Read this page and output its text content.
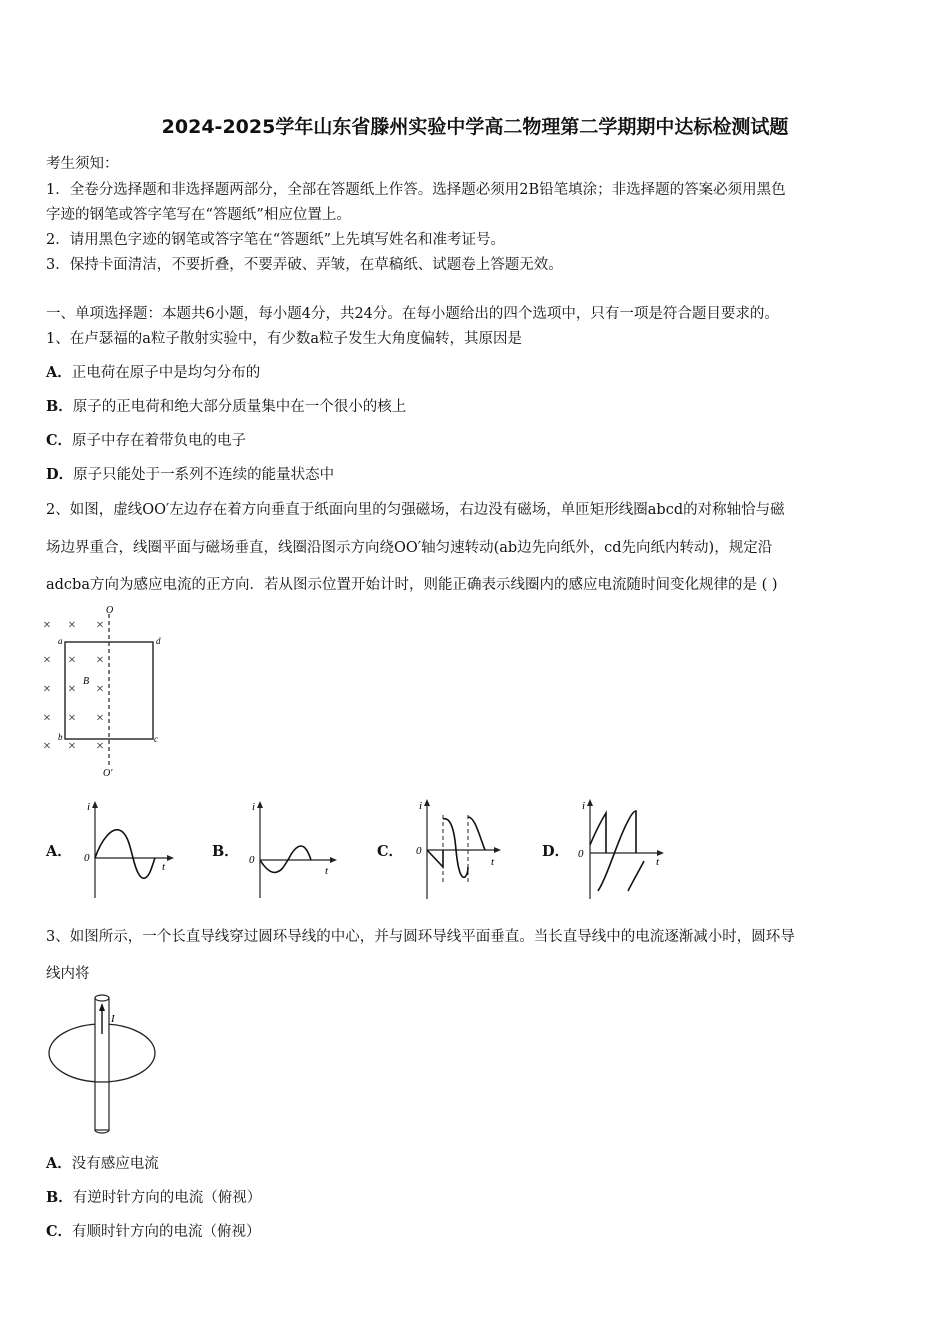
2024-2025学年山东省滕州实验中学高二物理第二学期期中达标检测试题
考生须知：
1．全卷分选择题和非选择题两部分，全部在答题纸上作答。选择题必须用2B铅笔填涂；非选择题的答案必须用黑色
字迹的钢笔或答字笔写在“答题纸”相应位置上。
2．请用黑色字迹的钢笔或答字笔在“答题纸”上先填写姓名和准考证号。
3．保持卡面清洁，不要折叠，不要弄破、弄皱，在草稿纸、试题卷上答题无效。
一、单项选择题：本题共6小题，每小题4分，共24分。在每小题给出的四个选项中，只有一项是符合题目要求的。
1、在卢瑟福的a粒子散射实验中，有少数a粒子发生大角度偏转，其原因是
A．正电荷在原子中是均匀分布的
B．原子的正电荷和绝大部分质量集中在一个很小的核上
C．原子中存在着带负电的电子
D．原子只能处于一系列不连续的能量状态中
2、如图，虚线OO′左边存在着方向垂直于纸面向里的匀强磁场，右边没有磁场，单匝矩形线圈abcd的对称轴恰与磁
场边界重合，线圈平面与磁场垂直，线圈沿图示方向绕OO′轴匀速转动(ab边先向纸外，cd先向纸内转动)，规定沿
adcba方向为感应电流的正方向．若从图示位置开始计时，则能正确表示线圈内的感应电流随时间变化规律的是 ( )
O
O′
a	d
b	c
B
× × ×
× × ×
× × ×
× × ×
× × ×
A．
i
0
t
B．
i
0
t
C．
i
0
t
D．
i
0
t
3、如图所示，一个长直导线穿过圆环导线的中心，并与圆环导线平面垂直。当长直导线中的电流逐渐减小时，圆环导
线内将
I
A．没有感应电流
B．有逆时针方向的电流（俯视）
C．有顺时针方向的电流（俯视）
